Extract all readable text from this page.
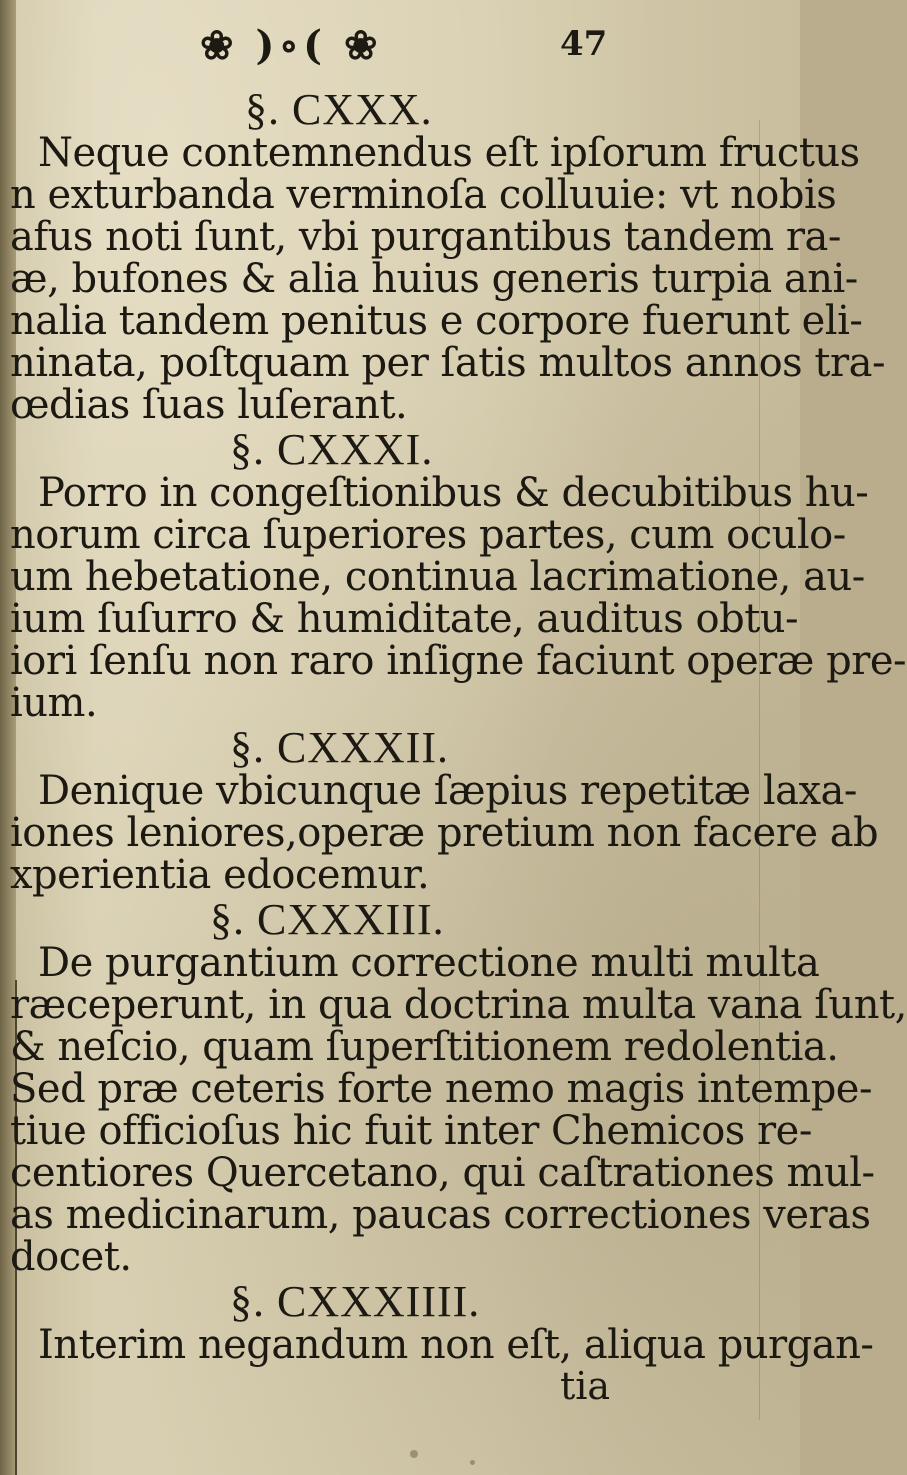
❀ )∘( ❀	47
§. CXXX.
Neque contemnendus eſt ipſorum fructus
n exturbanda verminoſa colluuie: vt nobis
afus noti ſunt, vbi purgantibus tandem ra-
æ, bufones & alia huius generis turpia ani-
nalia tandem penitus e corpore fuerunt eli-
ninata, poſtquam per ſatis multos annos tra-
œdias ſuas luſerant.
§. CXXXI.
Porro in congeſtionibus & decubitibus hu-
norum circa ſuperiores partes, cum oculo-
um hebetatione, continua lacrimatione, au-
ium ſuſurro & humiditate, auditus obtu-
iori ſenſu non raro inſigne faciunt operæ pre-
ium.
§. CXXXII.
Denique vbicunque ſæpius repetitæ laxa-
iones leniores,operæ pretium non facere ab
xperientia edocemur.
§. CXXXIII.
De purgantium correctione multi multa
ræceperunt, in qua doctrina multa vana ſunt,
& neſcio, quam ſuperſtitionem redolentia.
Sed præ ceteris forte nemo magis intempe-
tiue officioſus hic fuit inter Chemicos re-
centiores Quercetano, qui caſtrationes mul-
as medicinarum, paucas correctiones veras
docet.
§. CXXXIIII.
Interim negandum non eſt, aliqua purgan-
tia
